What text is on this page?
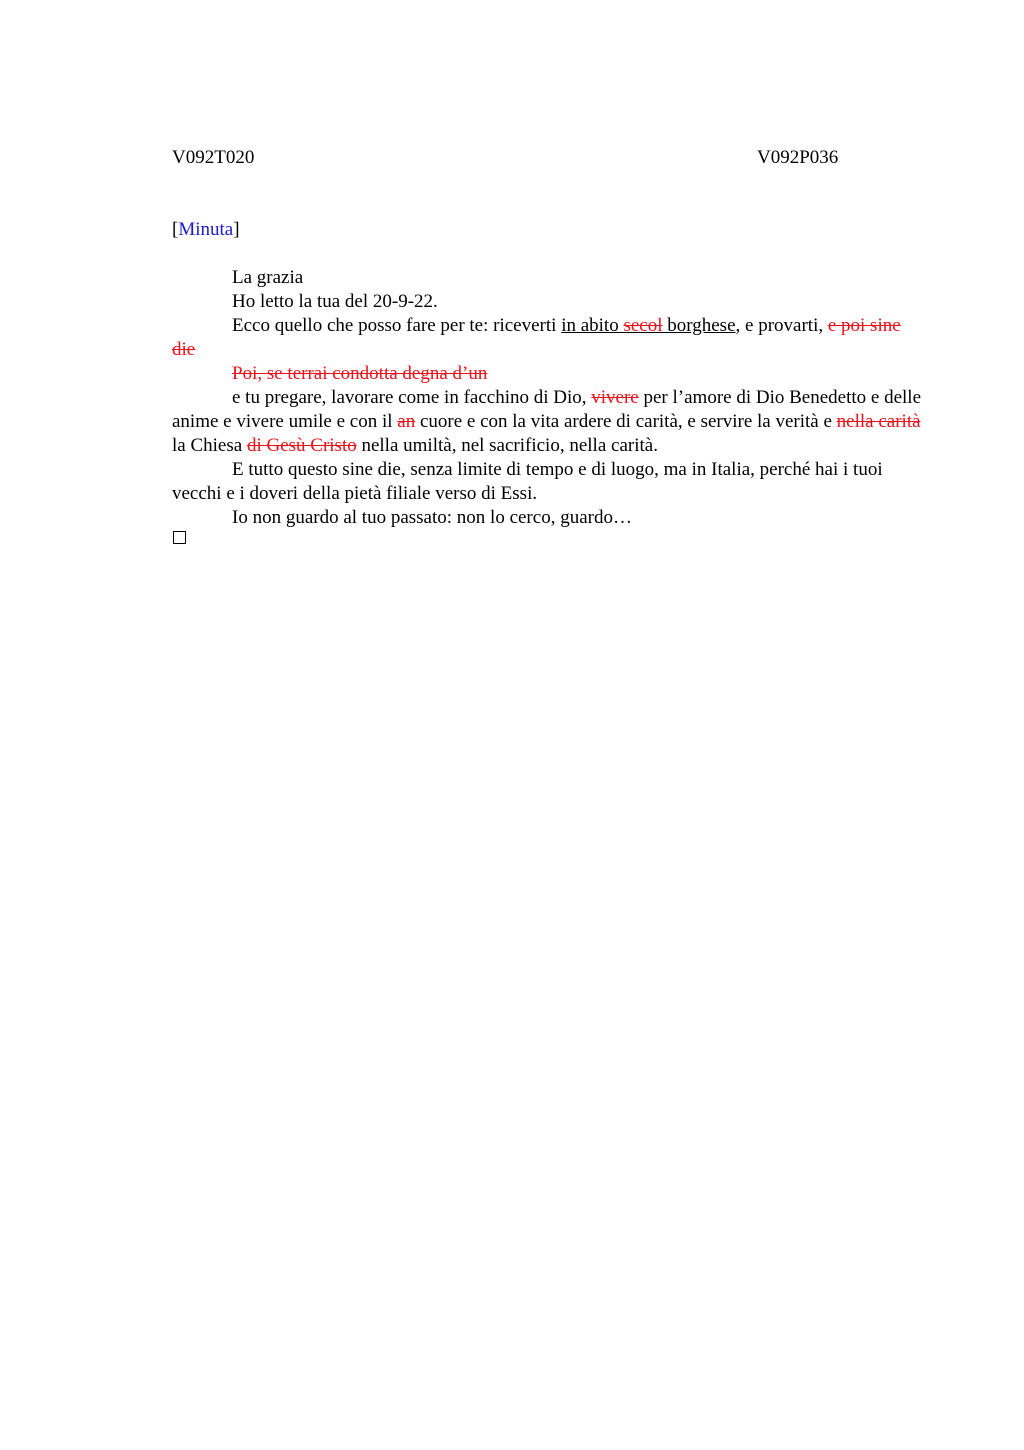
V092T020	V092P036
[Minuta]

La grazia

Ho letto la tua del 20-9-22.

Ecco quello che posso fare per te: riceverti in abito secol borghese, e provarti, e poi sine die

Poi, se terrai condotta degna d’un

e tu pregare, lavorare come in facchino di Dio, vivere per l’amore di Dio Benedetto e delle anime e vivere umile e con il an cuore e con la vita ardere di carità, e servire la verità e nella carità la Chiesa di Gesù Cristo nella umiltà, nel sacrificio, nella carità.

E tutto questo sine die, senza limite di tempo e di luogo, ma in Italia, perché hai i tuoi vecchi e i doveri della pietà filiale verso di Essi.

Io non guardo al tuo passato: non lo cerco, guardo…
